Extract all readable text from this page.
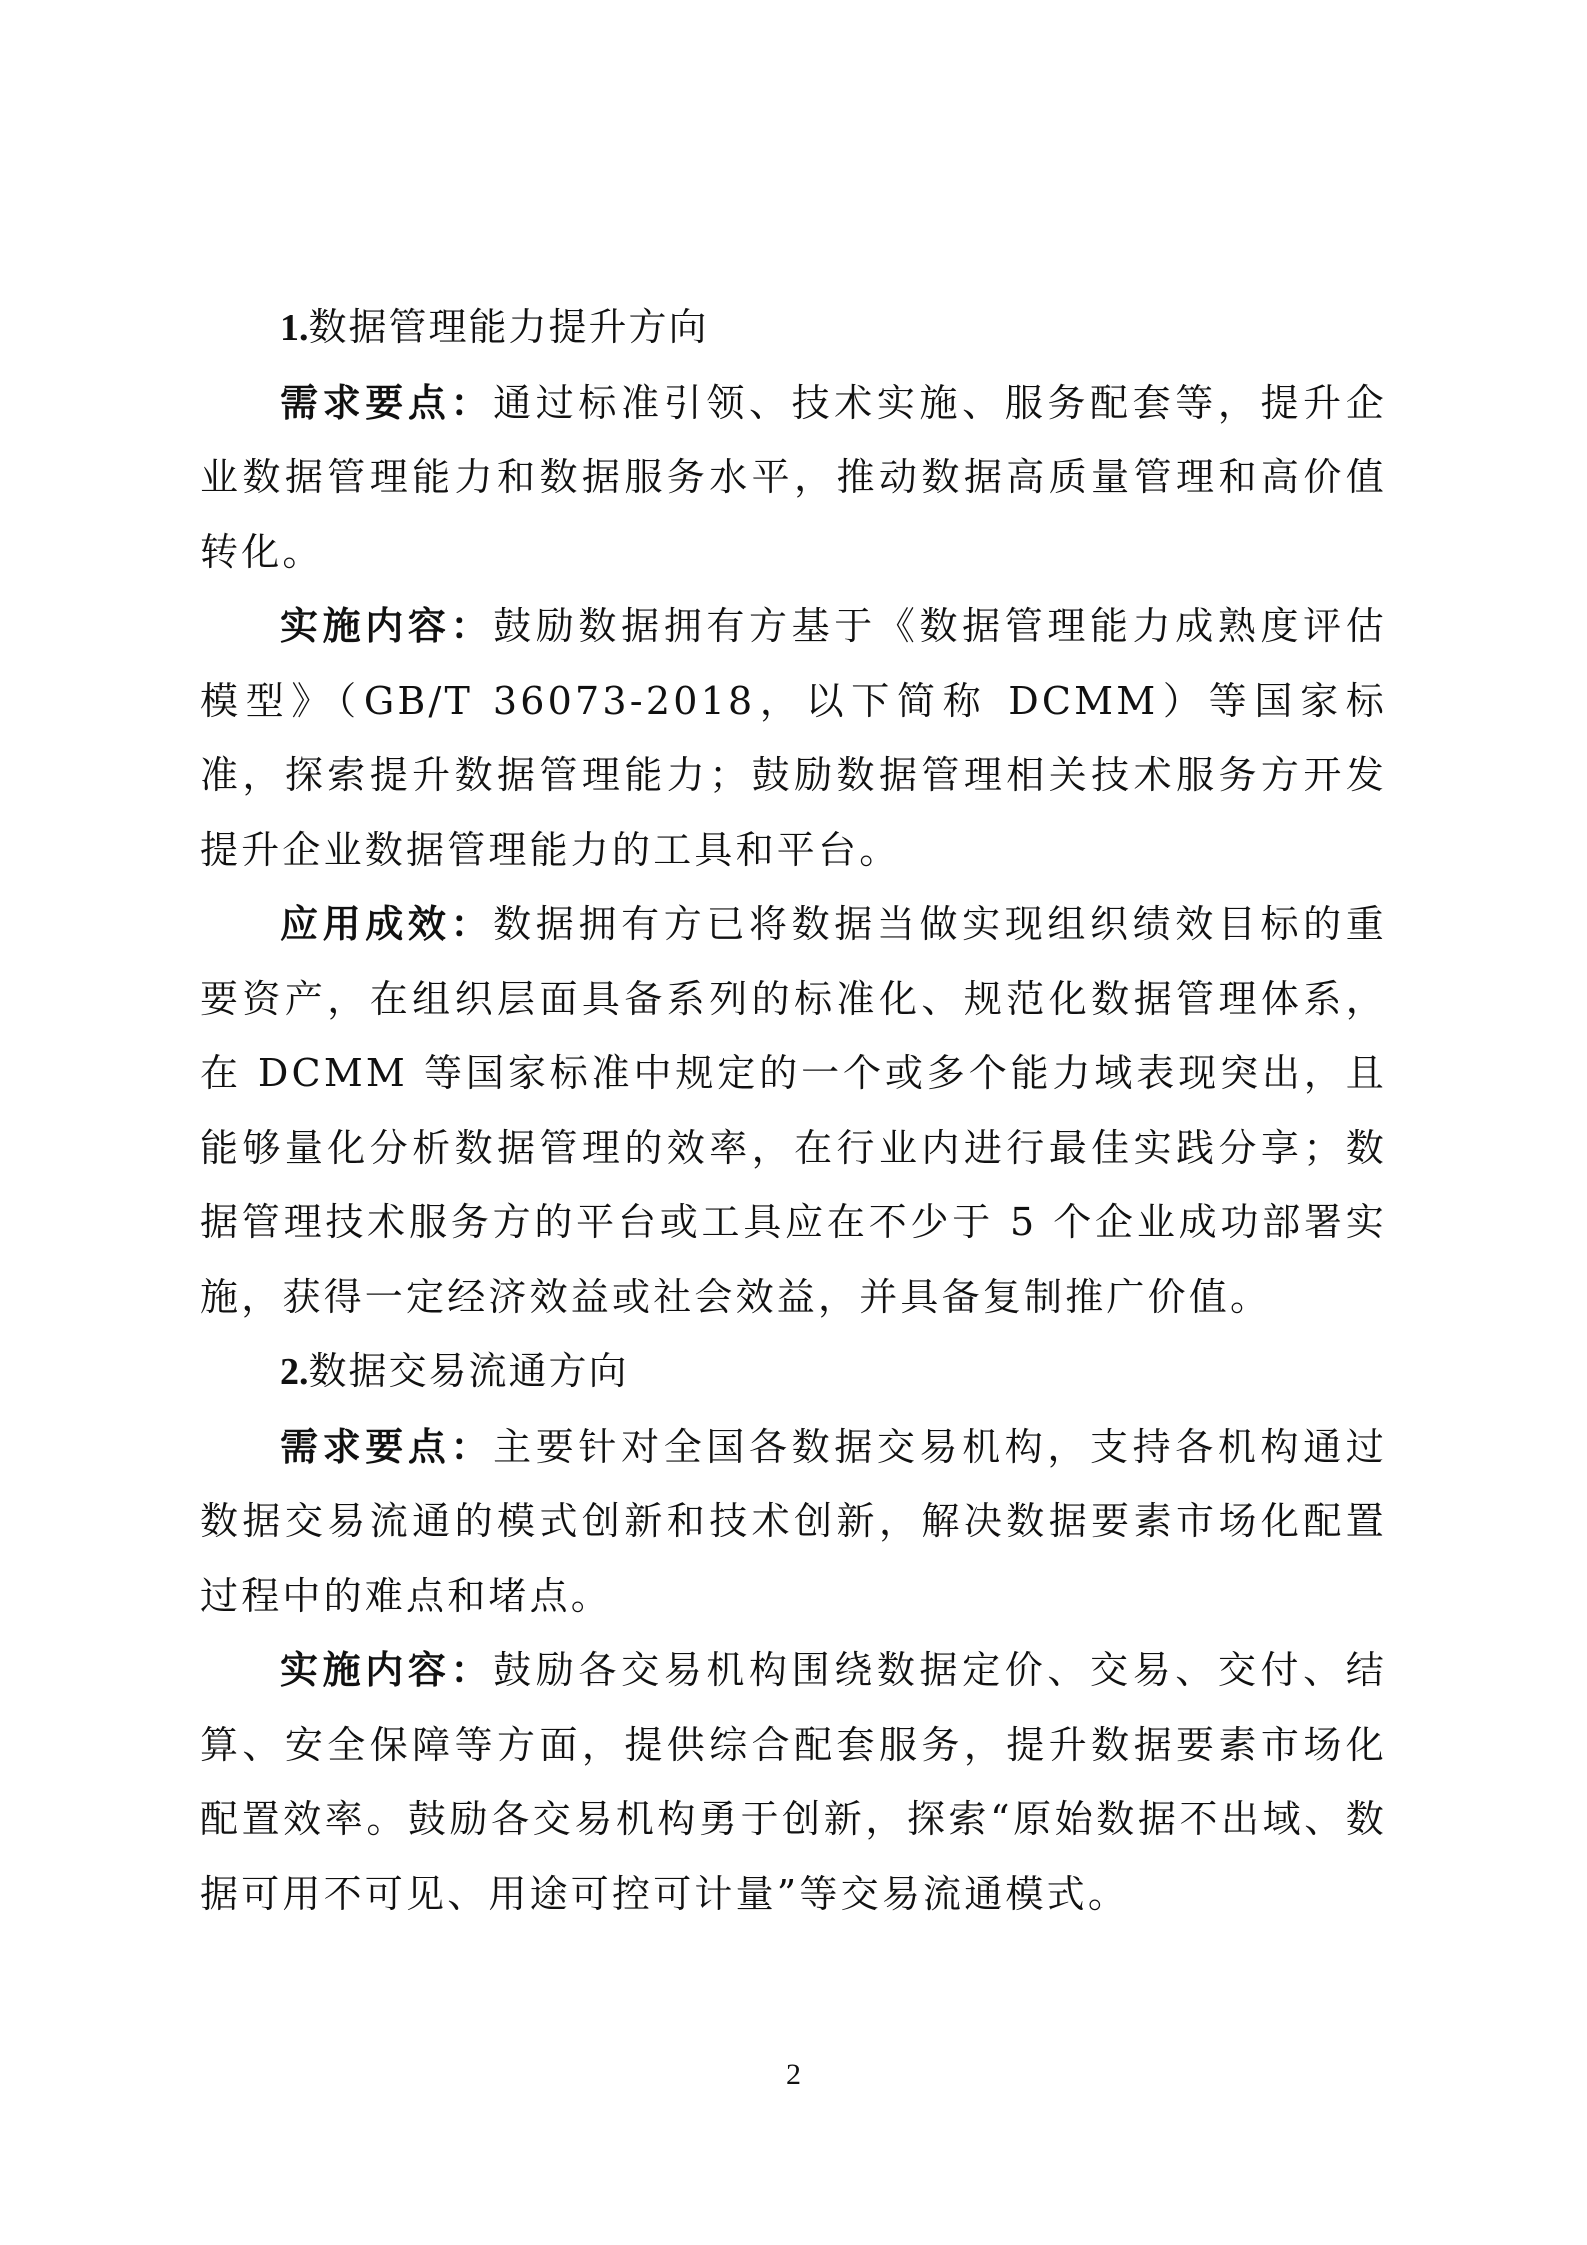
1.数据管理能力提升方向

需求要点：通过标准引领、技术实施、服务配套等，提升企业数据管理能力和数据服务水平，推动数据高质量管理和高价值转化。

实施内容：鼓励数据拥有方基于《数据管理能力成熟度评估模型》（GB/T 36073-2018，以下简称 DCMM）等国家标准，探索提升数据管理能力；鼓励数据管理相关技术服务方开发提升企业数据管理能力的工具和平台。

应用成效：数据拥有方已将数据当做实现组织绩效目标的重要资产，在组织层面具备系列的标准化、规范化数据管理体系，在 DCMM 等国家标准中规定的一个或多个能力域表现突出，且能够量化分析数据管理的效率，在行业内进行最佳实践分享；数据管理技术服务方的平台或工具应在不少于 5 个企业成功部署实施，获得一定经济效益或社会效益，并具备复制推广价值。

2.数据交易流通方向

需求要点：主要针对全国各数据交易机构，支持各机构通过数据交易流通的模式创新和技术创新，解决数据要素市场化配置过程中的难点和堵点。

实施内容：鼓励各交易机构围绕数据定价、交易、交付、结算、安全保障等方面，提供综合配套服务，提升数据要素市场化配置效率。鼓励各交易机构勇于创新，探索“原始数据不出域、数据可用不可见、用途可控可计量”等交易流通模式。

2
